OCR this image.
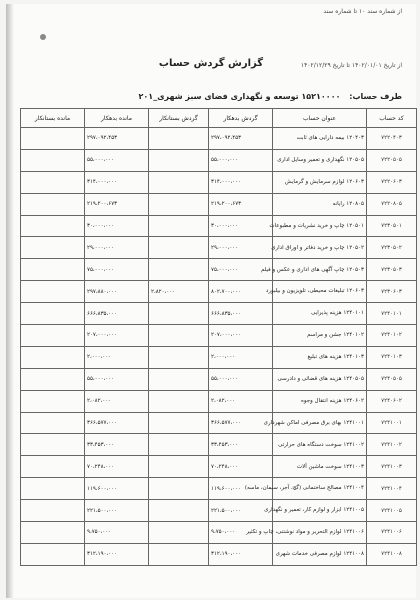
از شماره سند ۱۰ تا شماره سند
از تاریخ ۱۴۰۲/۰۱/۰۱ تا تاریخ ۱۴۰۲/۱۲/۲۹
گزارش گردش حساب
طرف حساب: ۱۵۲۱۰۰۰۰ توسعه و نگهداری فضای سبز شهری_۲۰۱
کد حساب	عنوان حساب	گردش بدهکار	گردش بستانکار	مانده بدهکار	مانده بستانکار
۷۲۲۰۴۰۳	۱۲۰۴۰۳ بیمه دارایی های ثابت	۲۹۷،۰۹۲،۴۵۳		۲۹۷،۰۹۲،۴۵۳	
۷۲۲۰۵۰۵	۱۲۰۵۰۵ نگهداری و تعمیر وسایل اداری	۵۵،۰۰۰،۰۰۰		۵۵،۰۰۰،۰۰۰	
۷۲۲۰۶۰۳	۱۲۰۶۰۳ لوازم سرمایش و گرمایش	۳۱۴،۰۰۰،۰۰۰		۳۱۴،۰۰۰،۰۰۰	
۷۲۲۰۸۰۵	۱۲۰۸۰۵ رایانه	۲۱۹،۲۰۰،۶۷۳		۲۱۹،۲۰۰،۶۷۳	
۷۲۳۰۵۰۱	۱۲۰۵۰۱ چاپ و خرید نشریات و مطبوعات	۳۰،۰۰۰،۰۰۰		۳۰،۰۰۰،۰۰۰	
۷۲۳۰۵۰۲	۱۲۰۵۰۲ چاپ و خرید دفاتر و اوراق اداری	۲۹،۰۰۰،۰۰۰		۲۹،۰۰۰،۰۰۰	
۷۲۳۰۵۰۳	۱۲۰۵۰۳ چاپ آگهی های اداری و عکس و فیلم	۷۵،۰۰۰،۰۰۰		۷۵،۰۰۰،۰۰۰	
۷۲۳۰۶۰۳	۱۲۰۶۰۳ تبلیغات محیطی، تلویزیون و بیلبورد	۸۰۲،۷۰۰،۰۰۰	۲،۸۲۰،۰۰۰	۲۹۷،۸۸۰،۰۰۰	
۷۲۴۰۱۰۱	۱۲۴۰۱۰۱ هزینه پذیرایی	۶۶۶،۸۳۵،۰۰۰		۶۶۶،۸۳۵،۰۰۰	
۷۲۴۰۱۰۲	۱۲۴۰۱۰۲ جشن و مراسم	۲۰۷،۰۰۰،۰۰۰		۲۰۷،۰۰۰،۰۰۰	
۷۲۴۰۱۰۳	۱۲۴۰۱۰۳ هزینه های تبلیغ	۲،۰۰۰،۰۰۰		۲،۰۰۰،۰۰۰	
۷۲۴۰۵۰۵	۱۲۴۰۵۰۵ هزینه های قضائی و دادرسی	۵۵،۰۰۰،۰۰۰		۵۵،۰۰۰،۰۰۰	
۷۲۴۰۶۰۲	۱۲۴۰۶۰۲ هزینه انتقال وجوه	۲،۰۸۲،۰۰۰		۲،۰۸۲،۰۰۰	
۷۲۴۱۰۰۱	۱۲۴۱۰۰۱ بهای برق مصرفی اماکن شهرداری	۳۶۶،۵۷۷،۰۰۰		۳۶۶،۵۷۷،۰۰۰	
۷۲۴۱۰۰۲	۱۲۴۱۰۰۲ سوخت دستگاه های حرارتی	۳۳،۴۵۳،۰۰۰		۳۳،۴۵۳،۰۰۰	
۷۲۴۱۰۰۳	۱۲۴۱۰۰۳ سوخت ماشین آلات	۷۰،۲۴۸،۰۰۰		۷۰،۲۴۸،۰۰۰	
۷۲۴۱۰۰۴	۱۲۴۱۰۰۴ مصالح ساختمانی (گچ، آجر، سیمان، ماسه)	۱۱۹،۶۰۰،۰۰۰		۱۱۹،۶۰۰،۰۰۰	
۷۲۴۱۰۰۵	۱۲۴۱۰۰۵ ابزار و لوازم کار، تعمیر و نگهداری	۲۲۱،۵۰۰،۰۰۰		۲۲۱،۵۰۰،۰۰۰	
۷۲۴۱۰۰۶	۱۲۴۱۰۰۶ لوازم التحریر و مواد نوشتنی، چاپ و تکثیر	۹،۷۵۰،۰۰۰		۹،۷۵۰،۰۰۰	
۷۲۴۱۰۰۸	۱۲۴۱۰۰۸ لوازم مصرفی خدمات شهری	۳۱۲،۱۹۰،۰۰۰		۳۱۲،۱۹۰،۰۰۰	
